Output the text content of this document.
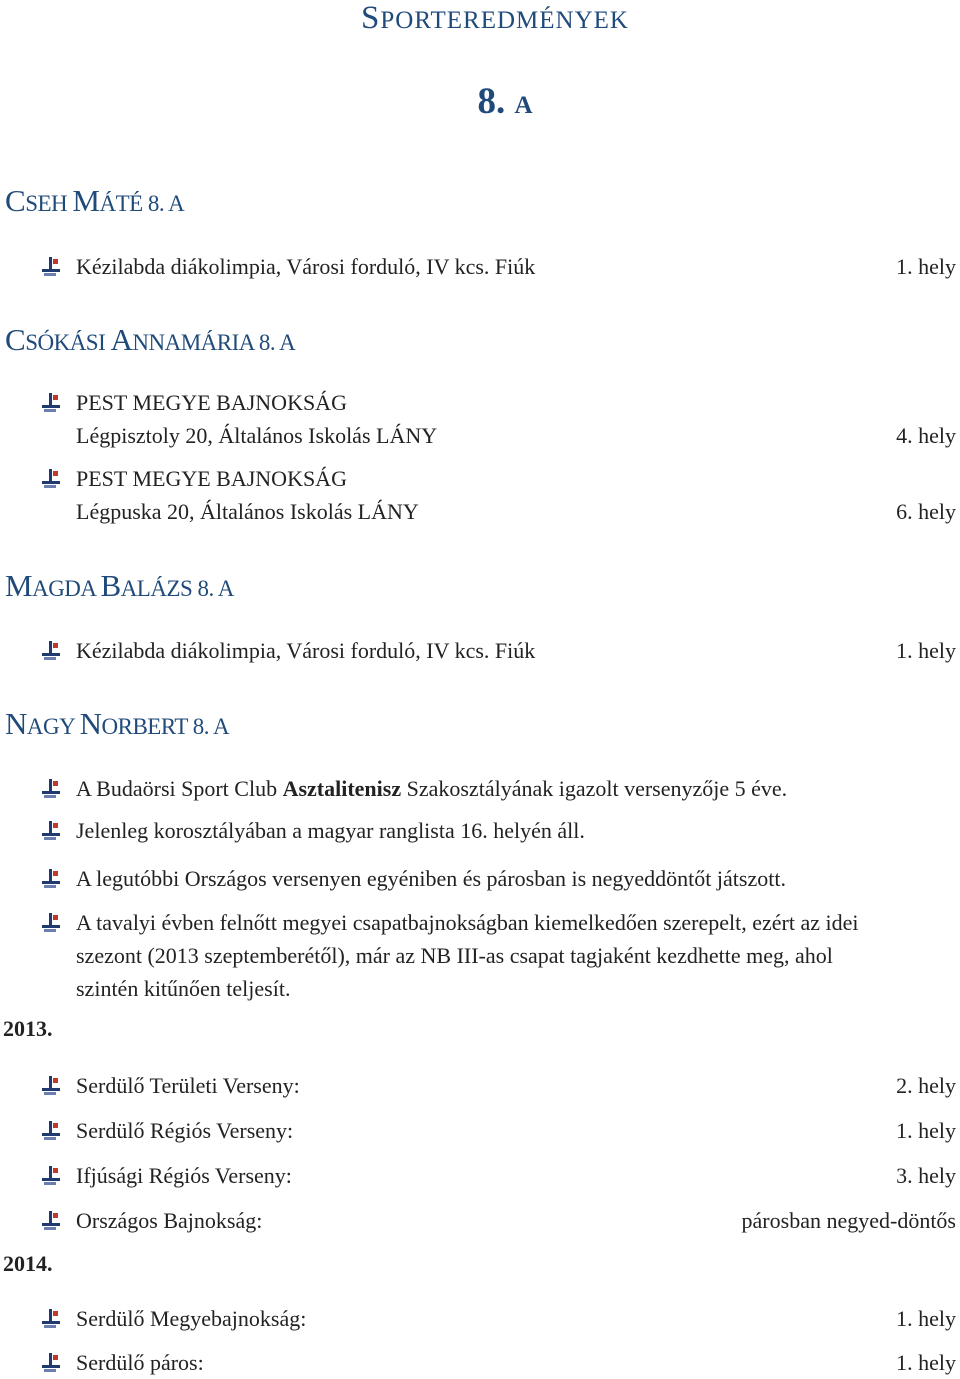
SPORTEREDMÉNYEK
8. A
CSEH MÁTÉ 8. A
Kézilabda diákolimpia, Városi forduló, IV kcs. Fiúk	1. hely
CSÓKÁSI ANNAMÁRIA 8. A
PEST MEGYE BAJNOKSÁG
Légpisztoly 20, Általános Iskolás LÁNY	4. hely
PEST MEGYE BAJNOKSÁG
Légpuska 20, Általános Iskolás LÁNY	6. hely
MAGDA BALÁZS 8. A
Kézilabda diákolimpia, Városi forduló, IV kcs. Fiúk	1. hely
NAGY NORBERT 8. A
A Budaörsi Sport Club Asztalitenisz Szakosztályának igazolt versenyzője 5 éve.
Jelenleg korosztályában a magyar ranglista 16. helyén áll.
A legutóbbi Országos versenyen egyéniben és párosban is negyeddöntőt játszott.
A tavalyi évben felnőtt megyei csapatbajnokságban kiemelkedően szerepelt, ezért az idei
szezont (2013 szeptemberétől), már az NB III-as csapat tagjaként kezdhette meg, ahol
szintén kitűnően teljesít.
2013.
Serdülő Területi Verseny:	2. hely
Serdülő Régiós Verseny:	1. hely
Ifjúsági Régiós Verseny:	3. hely
Országos Bajnokság:	párosban negyed-döntős
2014.
Serdülő Megyebajnokság:	1. hely
Serdülő páros:	1. hely
